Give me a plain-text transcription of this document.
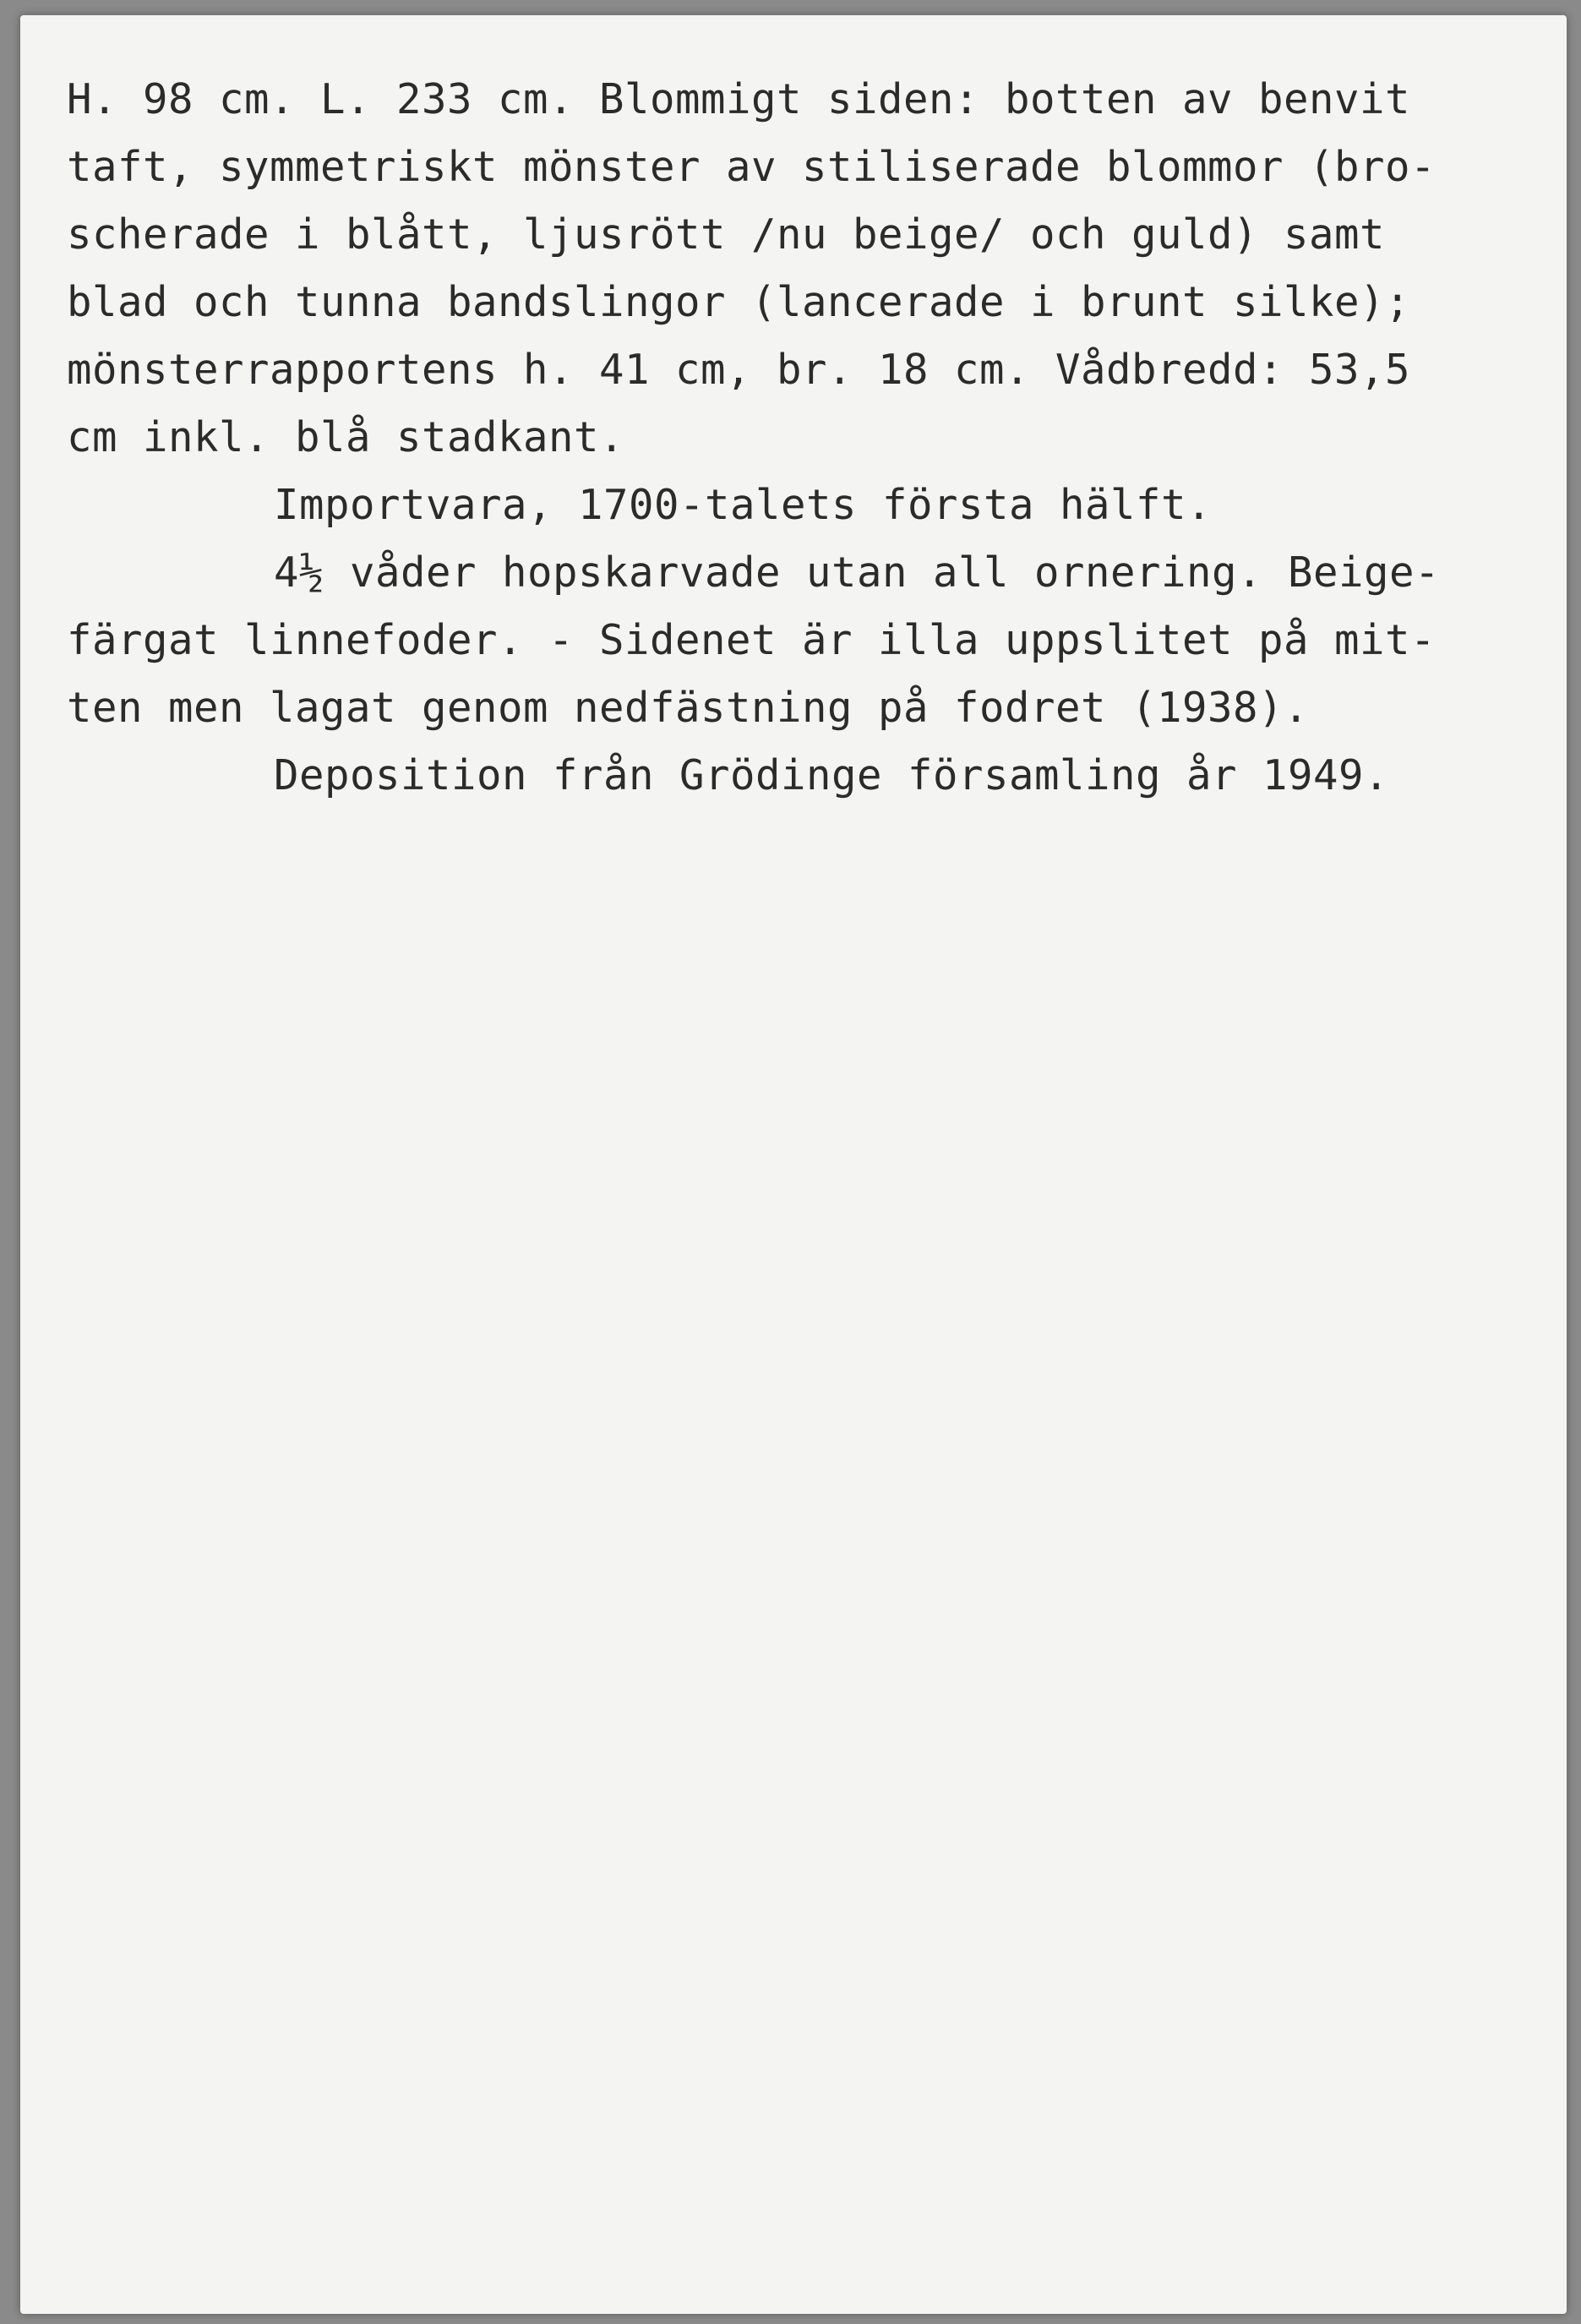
H. 98 cm. L. 233 cm. Blommigt siden: botten av benvit
taft, symmetriskt mönster av stiliserade blommor (bro-
scherade i blått, ljusrött /nu beige/ och guld) samt
blad och tunna bandslingor (lancerade i brunt silke);
mönsterrapportens h. 41 cm, br. 18 cm. Vådbredd: 53,5
cm inkl. blå stadkant.
Importvara, 1700-talets första hälft.
4½ våder hopskarvade utan all ornering. Beige-
färgat linnefoder. - Sidenet är illa uppslitet på mit-
ten men lagat genom nedfästning på fodret (1938).
Deposition från Grödinge församling år 1949.
